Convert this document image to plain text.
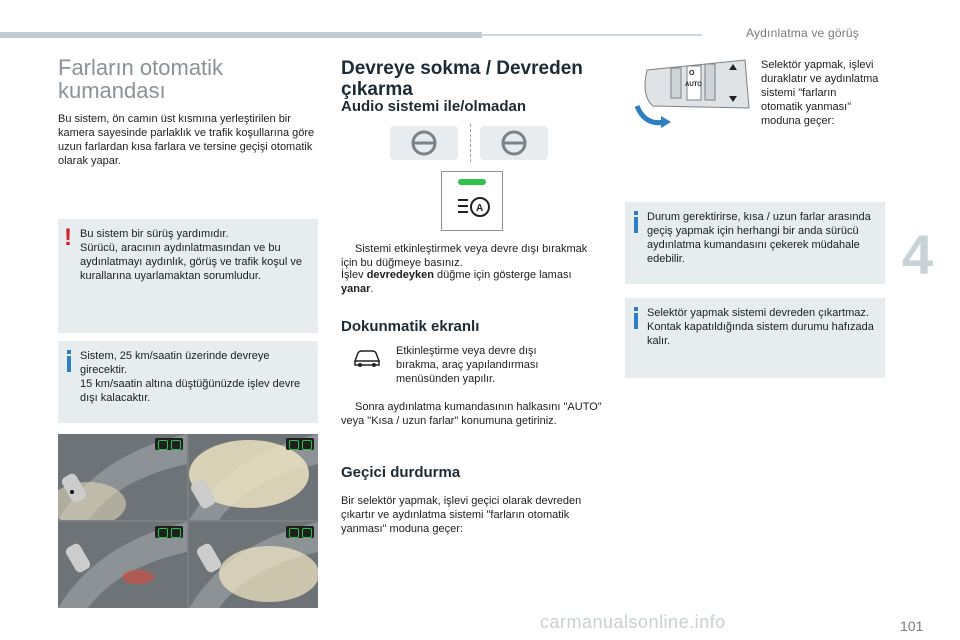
Aydınlatma ve görüş
4
101
Farların otomatik kumandası
Bu sistem, ön camın üst kısmına yerleştirilen bir kamera sayesinde parlaklık ve trafik koşullarına göre uzun farlardan kısa farlara ve tersine geçişi otomatik olarak yapar.
! Bu sistem bir sürüş yardımıdır.
Sürücü, aracının aydınlatmasından ve bu aydınlatmayı aydınlık, görüş ve trafik koşul ve kurallarına uyarlamaktan sorumludur.
Sistem, 25 km/saatin üzerinde devreye girecektir.
15 km/saatin altına düştüğünüzde işlev devre dışı kalacaktır.
Devreye sokma / Devreden çıkarma
Audio sistemi ile/olmadan
A
Sistemi etkinleştirmek veya devre dışı bırakmak için bu düğmeye basınız.
İşlev devredeyken düğme için gösterge laması yanar.
Dokunmatik ekranlı
Etkinleştirme veya devre dışı bırakma, araç yapılandırması menüsünden yapılır.
Sonra aydınlatma kumandasının halkasını "AUTO" veya "Kısa / uzun farlar" konumuna getiriniz.
Geçici durdurma
Bir selektör yapmak, işlevi geçici olarak devreden çıkartır ve aydınlatma sistemi "farların otomatik yanması" moduna geçer:
O
AUTO
Selektör yapmak, işlevi duraklatır ve aydınlatma sistemi "farların otomatik yanması" moduna geçer:
Durum gerektirirse, kısa / uzun farlar arasında geçiş yapmak için herhangi bir anda sürücü aydınlatma kumandasını çekerek müdahale edebilir.
Selektör yapmak sistemi devreden çıkartmaz.
Kontak kapatıldığında sistem durumu hafızada kalır.
carmanualsonline.info
